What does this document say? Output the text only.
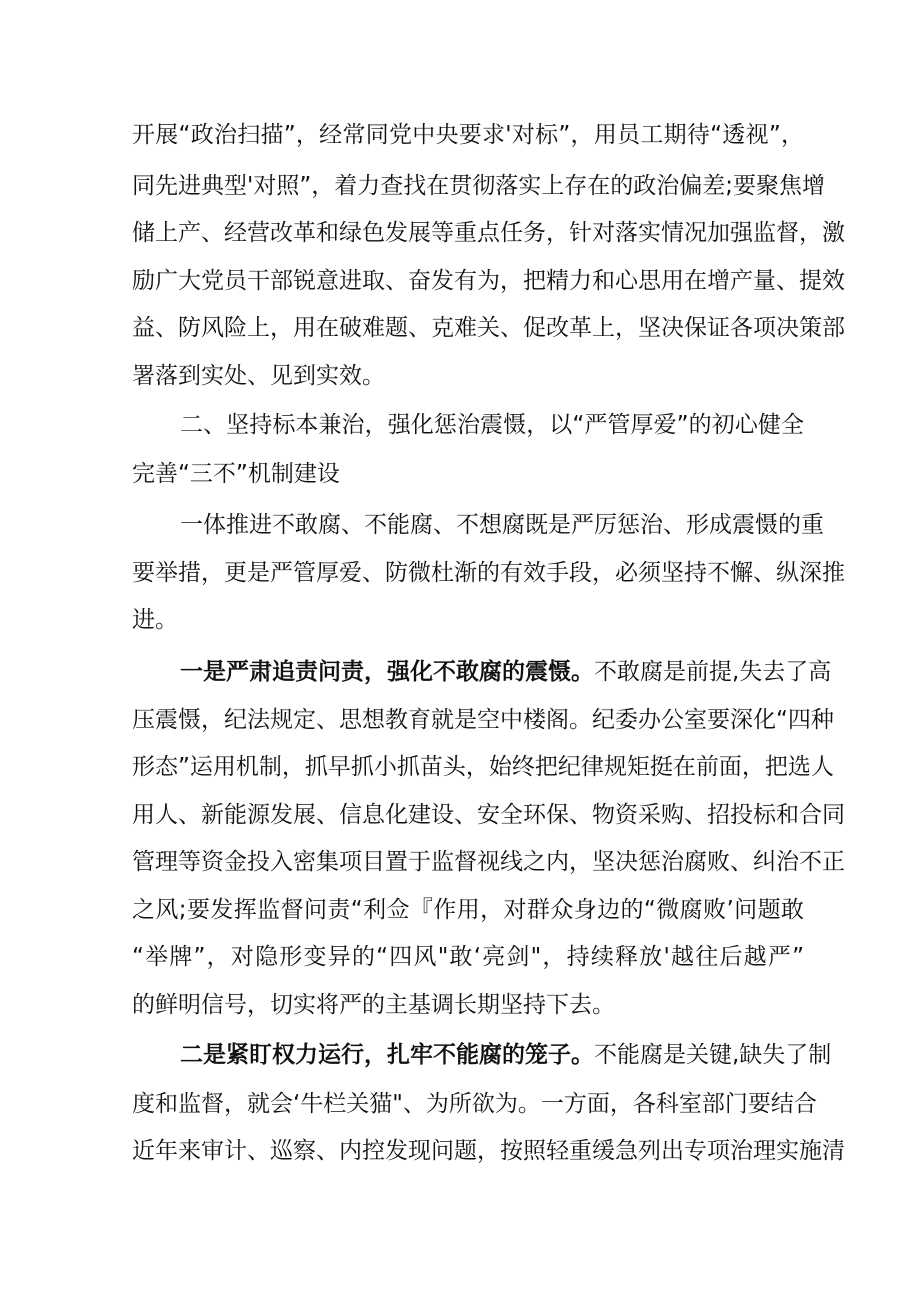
开展“政治扫描”，经常同党中央要求'对标”，用员工期待“透视”，
同先进典型'对照”，着力查找在贯彻落实上存在的政治偏差;要聚焦增
储上产、经营改革和绿色发展等重点任务，针对落实情况加强监督，激
励广大党员干部锐意进取、奋发有为，把精力和心思用在增产量、提效
益、防风险上，用在破难题、克难关、促改革上，坚决保证各项决策部
署落到实处、见到实效。
二、坚持标本兼治，强化惩治震慑，以“严管厚爱”的初心健全
完善“三不”机制建设
一体推进不敢腐、不能腐、不想腐既是严厉惩治、形成震慑的重
要举措，更是严管厚爱、防微杜渐的有效手段，必须坚持不懈、纵深推
进。
一是严肃追责问责，强化不敢腐的震慑。不敢腐是前提,失去了高
压震慑，纪法规定、思想教育就是空中楼阁。纪委办公室要深化“四种
形态”运用机制，抓早抓小抓苗头，始终把纪律规矩挺在前面，把选人
用人、新能源发展、信息化建设、安全环保、物资采购、招投标和合同
管理等资金投入密集项目置于监督视线之内，坚决惩治腐败、纠治不正
之风;要发挥监督问责“利佥『作用，对群众身边的“微腐败’问题敢
“举牌”，对隐形变异的“四风"敢‘亮剑"，持续释放'越往后越严”
的鲜明信号，切实将严的主基调长期坚持下去。
二是紧盯权力运行，扎牢不能腐的笼子。不能腐是关键,缺失了制
度和监督，就会‘牛栏关猫"、为所欲为。一方面，各科室部门要结合
近年来审计、巡察、内控发现问题，按照轻重缓急列出专项治理实施清
